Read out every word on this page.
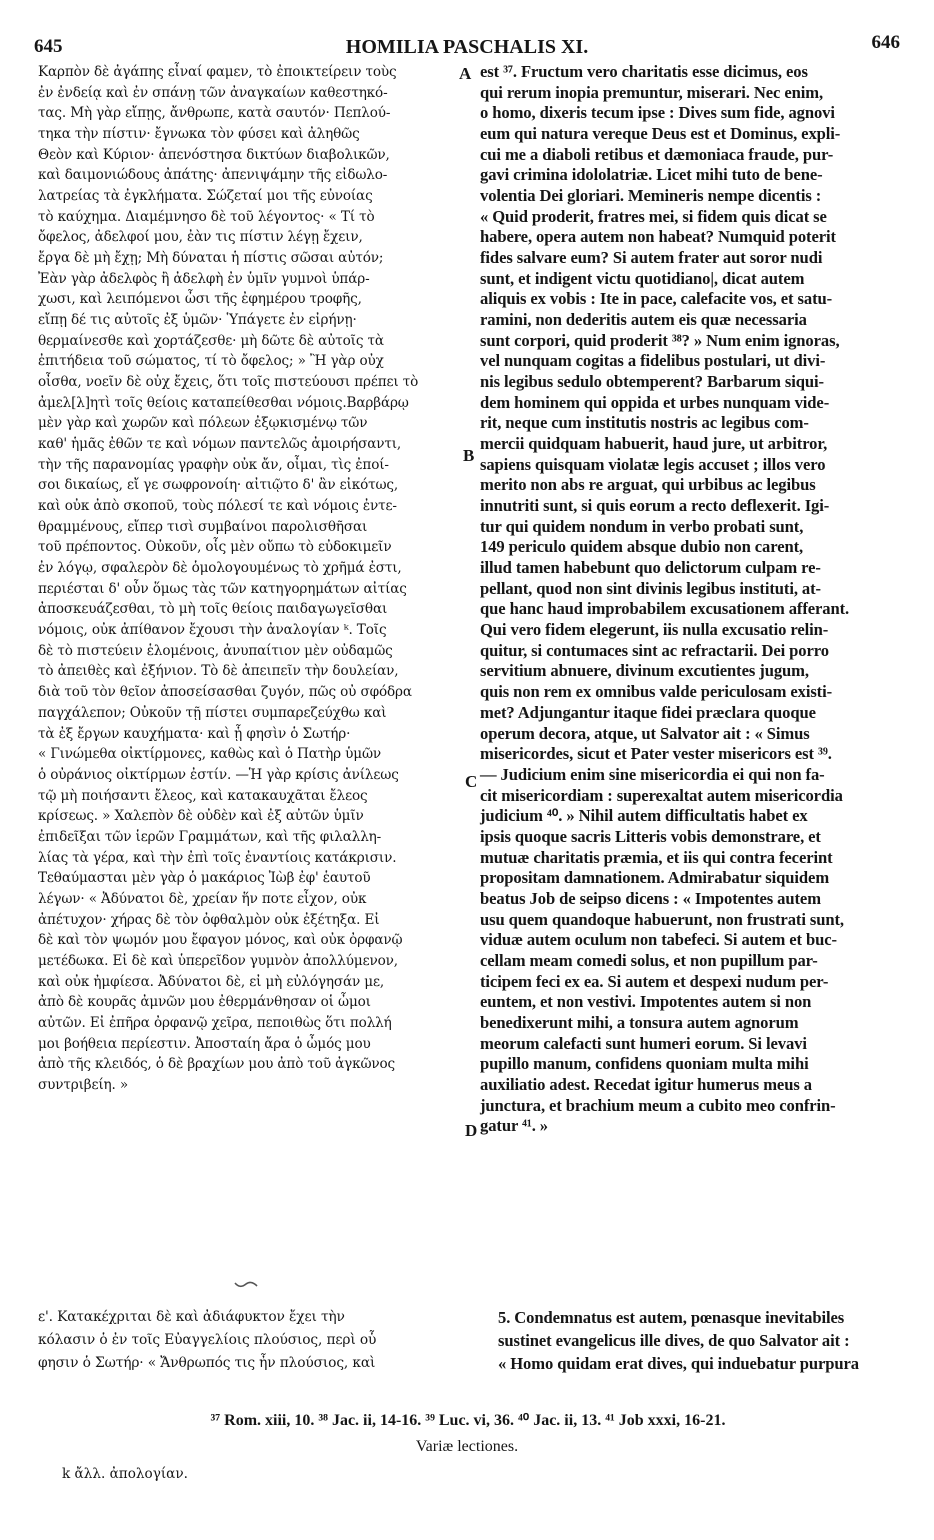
645	HOMILIA PASCHALIS XI.	646
Καρπὸν δὲ ἀγάπης εἶναί φαμεν, τὸ ἐποικτείρειν τοὺς
ἐν ἐνδείᾳ καὶ ἐν σπάνῃ τῶν ἀναγκαίων καθεστηκό-
τας. Μὴ γὰρ εἴπῃς, ἄνθρωπε, κατὰ σαυτόν· Πεπλού-
τηκα τὴν πίστιν· ἔγνωκα τὸν φύσει καὶ ἀληθῶς
Θεὸν καὶ Κύριον· ἀπενόστησα δικτύων διαβολικῶν,
καὶ δαιμονιώδους ἀπάτης· ἀπενιψάμην τῆς εἰδωλο-
λατρείας τὰ ἐγκλήματα. Σώζεταί μοι τῆς εὐνοίας
τὸ καύχημα. Διαμέμνησο δὲ τοῦ λέγοντος· « Τί τὸ
ὄφελος, ἀδελφοί μου, ἐὰν τις πίστιν λέγῃ ἔχειν,
ἔργα δὲ μὴ ἔχῃ; Μὴ δύναται ἡ πίστις σῶσαι αὐτόν;
Ἐὰν γὰρ ἀδελφὸς ἢ ἀδελφὴ ἐν ὑμῖν γυμνοὶ ὑπάρ-
χωσι, καὶ λειπόμενοι ὦσι τῆς ἐφημέρου τροφῆς,
εἴπῃ δέ τις αὐτοῖς ἐξ ὑμῶν· Ὑπάγετε ἐν εἰρήνῃ·
θερμαίνεσθε καὶ χορτάζεσθε· μὴ δῶτε δὲ αὐτοῖς τὰ
ἐπιτήδεια τοῦ σώματος, τί τὸ ὄφελος; » Ἢ γὰρ οὐχ
οἶσθα, νοεῖν δὲ οὐχ ἔχεις, ὅτι τοῖς πιστεύουσι πρέπει τὸ
ἀμελ[λ]ητὶ τοῖς θείοις καταπείθεσθαι νόμοις.Βαρβάρῳ
μὲν γὰρ καὶ χωρῶν καὶ πόλεων ἐξῳκισμένῳ τῶν
καθ' ἡμᾶς ἐθῶν τε καὶ νόμων παντελῶς ἀμοιρήσαντι,
τὴν τῆς παρανομίας γραφὴν οὐκ ἄν, οἶμαι, τὶς ἐποί-
σοι δικαίως, εἴ γε σωφρονοίη· αἰτιῷτο δ' ἂν εἰκότως,
καὶ οὐκ ἀπὸ σκοποῦ, τοὺς πόλεσί τε καὶ νόμοις ἐντε-
θραμμένους, εἴπερ τισὶ συμβαίνοι παρολισθῆσαι
τοῦ πρέποντος. Οὐκοῦν, οἷς μὲν οὔπω τὸ εὐδοκιμεῖν
ἐν λόγῳ, σφαλερὸν δὲ ὁμολογουμένως τὸ χρῆμά ἐστι,
περιέσται δ' οὖν ὅμως τὰς τῶν κατηγορημάτων αἰτίας
ἀποσκευάζεσθαι, τὸ μὴ τοῖς θείοις παιδαγωγεῖσθαι
νόμοις, οὐκ ἀπίθανον ἔχουσι τὴν ἀναλογίαν ᵏ. Τοῖς
δὲ τὸ πιστεύειν ἑλομένοις, ἀνυπαίτιον μὲν οὐδαμῶς
τὸ ἀπειθὲς καὶ ἐξήνιον. Τὸ δὲ ἀπειπεῖν τὴν δουλείαν,
διὰ τοῦ τὸν θεῖον ἀποσείσασθαι ζυγόν, πῶς οὐ σφόδρα
παγχάλεπον; Οὐκοῦν τῇ πίστει συμπαρεζεύχθω καὶ
τὰ ἐξ ἔργων καυχήματα· καὶ ᾗ φησὶν ὁ Σωτήρ·
« Γινώμεθα οἰκτίρμονες, καθὼς καὶ ὁ Πατὴρ ὑμῶν
ὁ οὐράνιος οἰκτίρμων ἐστίν. —Ἡ γὰρ κρίσις ἀνίλεως
τῷ μὴ ποιήσαντι ἔλεος, καὶ κατακαυχᾶται ἔλεος
κρίσεως. » Χαλεπὸν δὲ οὐδὲν καὶ ἐξ αὐτῶν ὑμῖν
ἐπιδεῖξαι τῶν ἱερῶν Γραμμάτων, καὶ τῆς φιλαλλη-
λίας τὰ γέρα, καὶ τὴν ἐπὶ τοῖς ἐναντίοις κατάκρισιν.
Τεθαύμασται μὲν γὰρ ὁ μακάριος Ἰὼβ ἐφ' ἑαυτοῦ
λέγων· « Ἀδύνατοι δὲ, χρείαν ἥν ποτε εἶχον, οὐκ
ἀπέτυχον· χήρας δὲ τὸν ὀφθαλμὸν οὐκ ἐξέτηξα. Εἰ
δὲ καὶ τὸν ψωμόν μου ἔφαγον μόνος, καὶ οὐκ ὀρφανῷ
μετέδωκα. Εἰ δὲ καὶ ὑπερεῖδον γυμνὸν ἀπολλύμενον,
καὶ οὐκ ἠμφίεσα. Ἀδύνατοι δὲ, εἰ μὴ εὐλόγησάν με,
ἀπὸ δὲ κουρᾶς ἀμνῶν μου ἐθερμάνθησαν οἱ ὦμοι
αὐτῶν. Εἰ ἐπῆρα ὀρφανῷ χεῖρα, πεποιθὼς ὅτι πολλή
μοι βοήθεια περίεστιν. Ἀποσταίη ἄρα ὁ ὦμός μου
ἀπὸ τῆς κλειδός, ὁ δὲ βραχίων μου ἀπὸ τοῦ ἀγκῶνος
συντριβείη. »
est ³⁷. Fructum vero charitatis esse dicimus, eos
qui rerum inopia premuntur, miserari. Nec enim,
o homo, dixeris tecum ipse : Dives sum fide, agnovi
eum qui natura vereque Deus est et Dominus, expli-
cui me a diaboli retibus et dæmoniaca fraude, pur-
gavi crimina idololatriæ. Licet mihi tuto de bene-
volentia Dei gloriari. Memineris nempe dicentis :
« Quid proderit, fratres mei, si fidem quis dicat se
habere, opera autem non habeat? Numquid poterit
fides salvare eum? Si autem frater aut soror nudi
sunt, et indigent victu quotidiano|, dicat autem
aliquis ex vobis : Ite in pace, calefacite vos, et satu-
ramini, non dederitis autem eis quæ necessaria
sunt corpori, quid proderit ³⁸? » Num enim ignoras,
vel nunquam cogitas a fidelibus postulari, ut divi-
nis legibus sedulo obtemperent? Barbarum siqui-
dem hominem qui oppida et urbes nunquam vide-
rit, neque cum institutis nostris ac legibus com-
mercii quidquam habuerit, haud jure, ut arbitror,
sapiens quisquam violatæ legis accuset ; illos vero
merito non abs re arguat, qui urbibus ac legibus
innutriti sunt, si quis eorum a recto deflexerit. Igi-
tur qui quidem nondum in verbo probati sunt,
149 periculo quidem absque dubio non carent,
illud tamen habebunt quo delictorum culpam re-
pellant, quod non sint divinis legibus instituti, at-
que hanc haud improbabilem excusationem afferant.
Qui vero fidem elegerunt, iis nulla excusatio relin-
quitur, si contumaces sint ac refractarii. Dei porro
servitium abnuere, divinum excutientes jugum,
quis non rem ex omnibus valde periculosam existi-
met? Adjungantur itaque fidei præclara quoque
operum decora, atque, ut Salvator ait : « Simus
misericordes, sicut et Pater vester misericors est ³⁹.
— Judicium enim sine misericordia ei qui non fa-
cit misericordiam : superexaltat autem misericordia
judicium ⁴⁰. » Nihil autem difficultatis habet ex
ipsis quoque sacris Litteris vobis demonstrare, et
mutuæ charitatis præmia, et iis qui contra fecerint
propositam damnationem. Admirabatur siquidem
beatus Job de seipso dicens : « Impotentes autem
usu quem quandoque habuerunt, non frustrati sunt,
viduæ autem oculum non tabefeci. Si autem et buc-
cellam meam comedi solus, et non pupillum par-
ticipem feci ex ea. Si autem et despexi nudum per-
euntem, et non vestivi. Impotentes autem si non
benedixerunt mihi, a tonsura autem agnorum
meorum calefacti sunt humeri eorum. Si levavi
pupillo manum, confidens quoniam multa mihi
auxiliatio adest. Recedat igitur humerus meus a
junctura, et brachium meum a cubito meo confrin-
gatur ⁴¹. »
A
B
C
D
ε'. Κατακέχριται δὲ καὶ ἀδιάφυκτον ἔχει τὴν
κόλασιν ὁ ἐν τοῖς Εὐαγγελίοις πλούσιος, περὶ οὗ
φησιν ὁ Σωτήρ· « Ἄνθρωπός τις ἦν πλούσιος, καὶ
5. Condemnatus est autem, pœnasque inevitabiles
sustinet evangelicus ille dives, de quo Salvator ait :
« Homo quidam erat dives, qui induebatur purpura
³⁷ Rom. xiii, 10. ³⁸ Jac. ii, 14-16. ³⁹ Luc. vi, 36. ⁴⁰ Jac. ii, 13. ⁴¹ Job xxxi, 16-21.
Variæ lectiones.
k ἄλλ. ἀπολογίαν.
